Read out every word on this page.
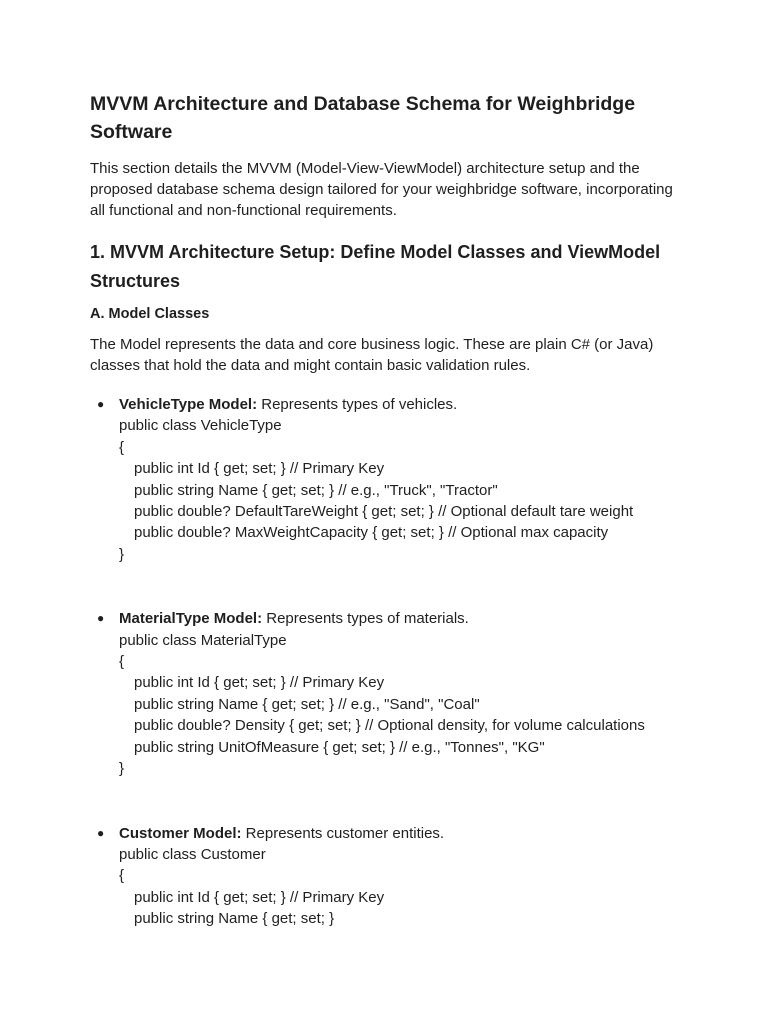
MVVM Architecture and Database Schema for Weighbridge Software

This section details the MVVM (Model-View-ViewModel) architecture setup and the proposed database schema design tailored for your weighbridge software, incorporating all functional and non-functional requirements.

1. MVVM Architecture Setup: Define Model Classes and ViewModel Structures
A. Model Classes

The Model represents the data and core business logic. These are plain C# (or Java) classes that hold the data and might contain basic validation rules.

● VehicleType Model: Represents types of vehicles.
public class VehicleType
{
public int Id { get; set; } // Primary Key
public string Name { get; set; } // e.g., "Truck", "Tractor"
public double? DefaultTareWeight { get; set; } // Optional default tare weight
public double? MaxWeightCapacity { get; set; } // Optional max capacity
}
● MaterialType Model: Represents types of materials.
public class MaterialType
{
public int Id { get; set; } // Primary Key
public string Name { get; set; } // e.g., "Sand", "Coal"
public double? Density { get; set; } // Optional density, for volume calculations
public string UnitOfMeasure { get; set; } // e.g., "Tonnes", "KG"
}
● Customer Model: Represents customer entities.
public class Customer
{
public int Id { get; set; } // Primary Key
public string Name { get; set; }
